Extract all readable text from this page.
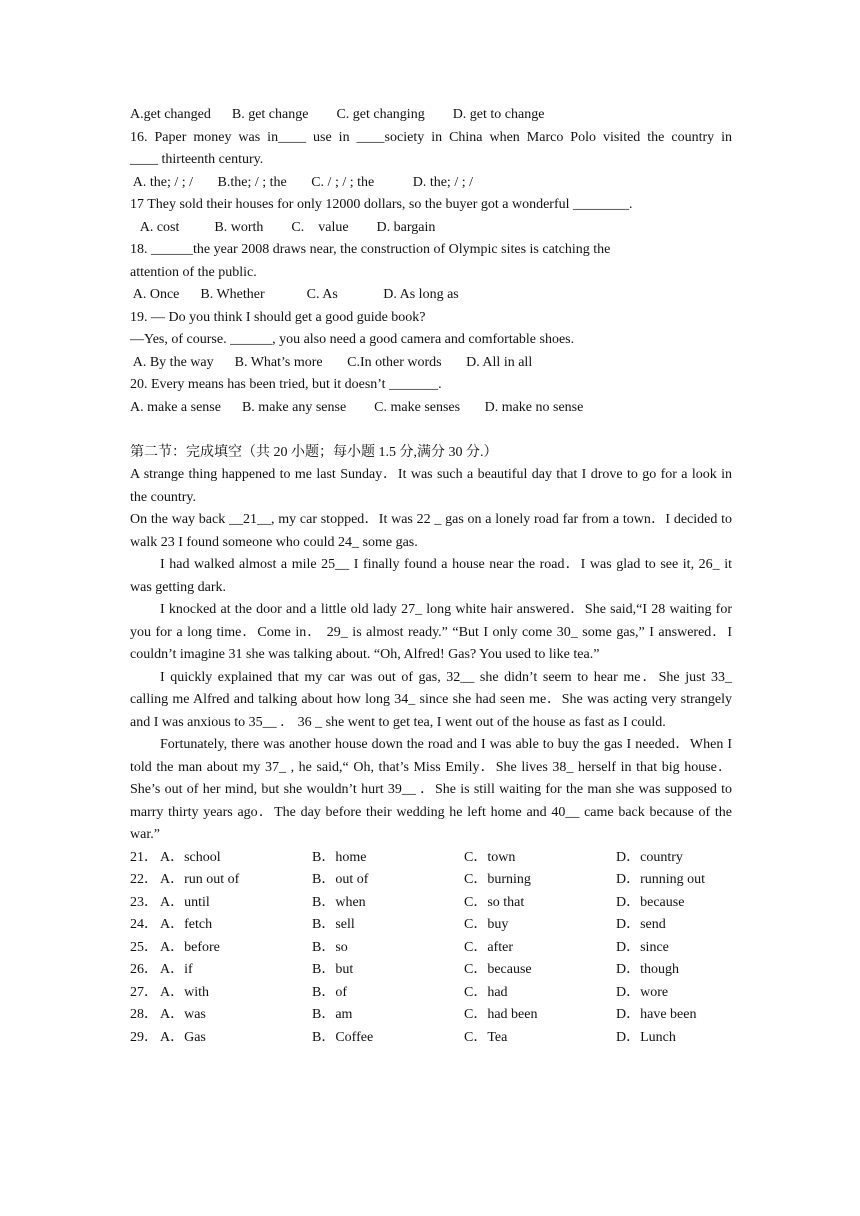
A.get changed      B. get change        C. get changing        D. get to change
16. Paper money was in____ use in ____society in China when Marco Polo visited the country in
____ thirteenth century.
A. the; / ; /       B.the; / ; the       C. / ; / ; the           D. the; / ; /
17 They sold their houses for only 12000 dollars, so the buyer got a wonderful ________.
A. cost          B. worth        C.    value        D. bargain
18. ______the year 2008 draws near, the construction of Olympic sites is catching the
attention of the public.
A. Once      B. Whether            C. As             D. As long as
19. — Do you think I should get a good guide book?
—Yes, of course. ______, you also need a good camera and comfortable shoes.
A. By the way      B. What’s more       C.In other words       D. All in all
20. Every means has been tried, but it doesn’t _______.
A. make a sense      B. make any sense        C. make senses       D. make no sense
第二节：完成填空（共 20 小题；每小题 1.5 分,满分 30 分.）
A strange thing happened to me last Sunday．It was such a beautiful day that I drove to go for a look in the country.
On the way back __21__, my car stopped．It was 22 _ gas on a lonely road far from a town．I decided to walk 23 I found someone who could 24_ some gas.
I had walked almost a mile 25__ I finally found a house near the road．I was glad to see it, 26_ it was getting dark.
I knocked at the door and a little old lady 27_ long white hair answered．She said,“I 28 waiting for you for a long time．Come in． 29_ is almost ready.” “But I only come 30_ some gas,” I answered．I couldn’t imagine 31 she was talking about. “Oh, Alfred! Gas? You used to like tea.”
I quickly explained that my car was out of gas, 32__ she didn’t seem to hear me．She just 33_ calling me Alfred and talking about how long 34_ since she had seen me．She was acting very strangely and I was anxious to 35__ ． 36 _ she went to get tea, I went out of the house as fast as I could.
Fortunately, there was another house down the road and I was able to buy the gas I needed．When I told the man about my 37_ , he said,“ Oh, that’s Miss Emily．She lives 38_ herself in that big house．She’s out of her mind, but she wouldn’t hurt 39__ ．She is still waiting for the man she was supposed to marry thirty years ago．The day before their wedding he left home and 40__ came back because of the war.”
21． A．school	B．home	C．town	D．country
22． A．run out of	B．out of	C．burning	D．running out
23． A．until	B．when	C．so that	D．because
24． A．fetch	B．sell	C．buy	D．send
25． A．before	B．so	C．after	D．since
26． A．if	B．but	C．because	D．though
27． A．with	B．of	C．had	D．wore
28． A．was	B．am	C．had been	D．have been
29． A．Gas	B．Coffee	C．Tea	D．Lunch
